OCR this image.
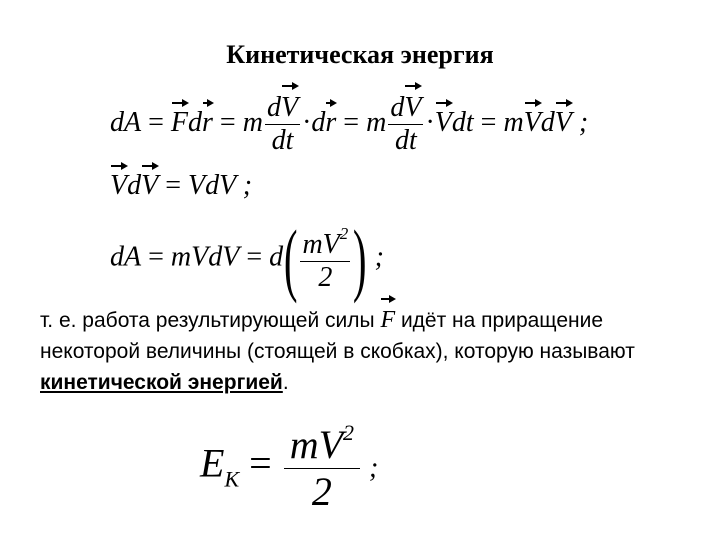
Кинетическая энергия
dA = Fdr = m $\frac{dV}{dt} \cdot dr = m \frac{dV}{dt} \cdot Vdt$ = mVdV ;
VdV = VdV ;
dA = mVdV = $d( \frac{mV^2}{2}$ ) ;
т. е. работа результирующей силы F идёт на приращение некоторой величины (стоящей в скобках), которую называют кинетической энергией.
$E_K = \frac{mV^2}{2}$ ;
